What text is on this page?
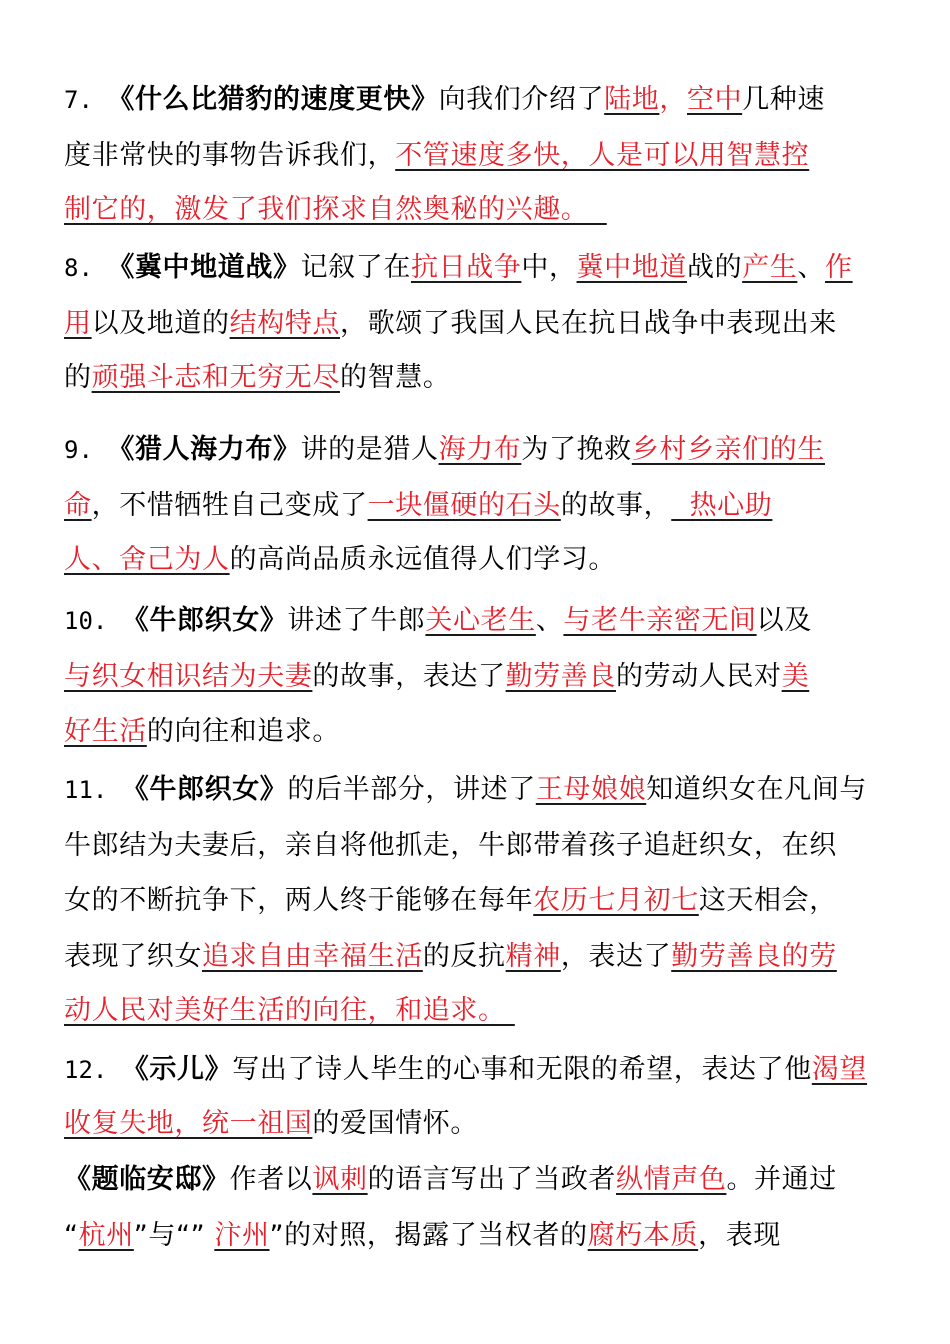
7. 《什么比猎豹的速度更快》向我们介绍了陆地，空中几种速
度非常快的事物告诉我们，不管速度多快，人是可以用智慧控
制它的，激发了我们探求自然奥秘的兴趣。
8. 《冀中地道战》记叙了在抗日战争中，冀中地道战的产生、作
用以及地道的结构特点，歌颂了我国人民在抗日战争中表现出来
的顽强斗志和无穷无尽的智慧。
9. 《猎人海力布》讲的是猎人海力布为了挽救乡村乡亲们的生
命，不惜牺牲自己变成了一块僵硬的石头的故事，  热心助
人、舍己为人的高尚品质永远值得人们学习。
10. 《牛郎织女》讲述了牛郎关心老生、与老牛亲密无间以及
与织女相识结为夫妻的故事，表达了勤劳善良的劳动人民对美
好生活的向往和追求。
11. 《牛郎织女》的后半部分，讲述了王母娘娘知道织女在凡间与
牛郎结为夫妻后，亲自将他抓走，牛郎带着孩子追赶织女，在织
女的不断抗争下，两人终于能够在每年农历七月初七这天相会，
表现了织女追求自由幸福生活的反抗精神，表达了勤劳善良的劳
动人民对美好生活的向往，和追求。
12. 《示儿》写出了诗人毕生的心事和无限的希望，表达了他渴望
收复失地，统一祖国的爱国情怀。
《题临安邸》作者以讽刺的语言写出了当政者纵情声色。并通过
“杭州”与“” 汴州”的对照，揭露了当权者的腐朽本质，表现
